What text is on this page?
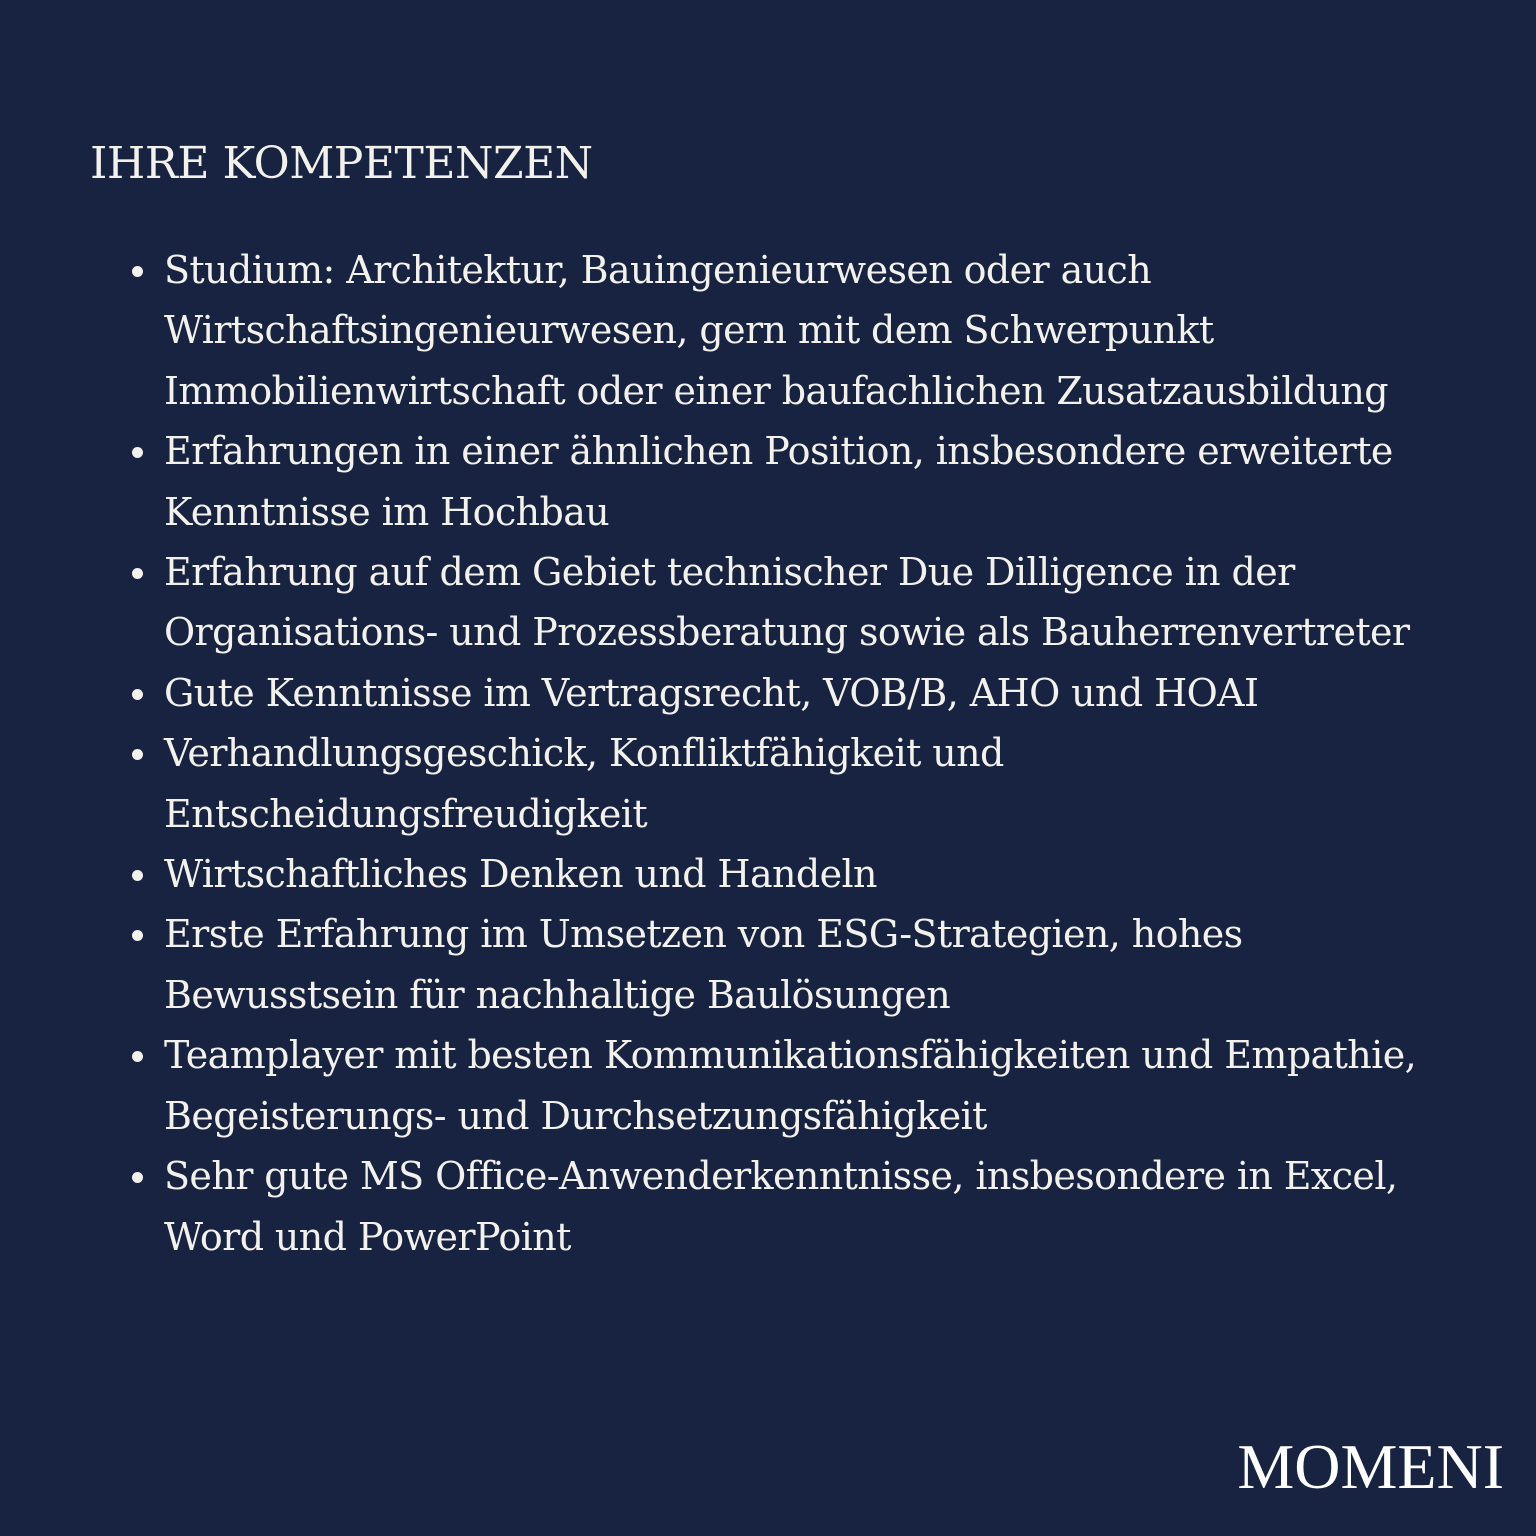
IHRE KOMPETENZEN
Studium: Architektur, Bauingenieurwesen oder auch Wirtschaftsingenieurwesen, gern mit dem Schwerpunkt Immobilienwirtschaft oder einer baufachlichen Zusatzausbildung
Erfahrungen in einer ähnlichen Position, insbesondere erweiterte Kenntnisse im Hochbau
Erfahrung auf dem Gebiet technischer Due Dilligence in der Organisations- und Prozessberatung sowie als Bauherrenvertreter
Gute Kenntnisse im Vertragsrecht, VOB/B, AHO und HOAI
Verhandlungsgeschick, Konfliktfähigkeit und Entscheidungsfreudigkeit
Wirtschaftliches Denken und Handeln
Erste Erfahrung im Umsetzen von ESG-Strategien, hohes Bewusstsein für nachhaltige Baulösungen
Teamplayer mit besten Kommunikationsfähigkeiten und Empathie, Begeisterungs- und Durchsetzungsfähigkeit
Sehr gute MS Office-Anwenderkenntnisse, insbesondere in Excel, Word und PowerPoint
MOMENI
